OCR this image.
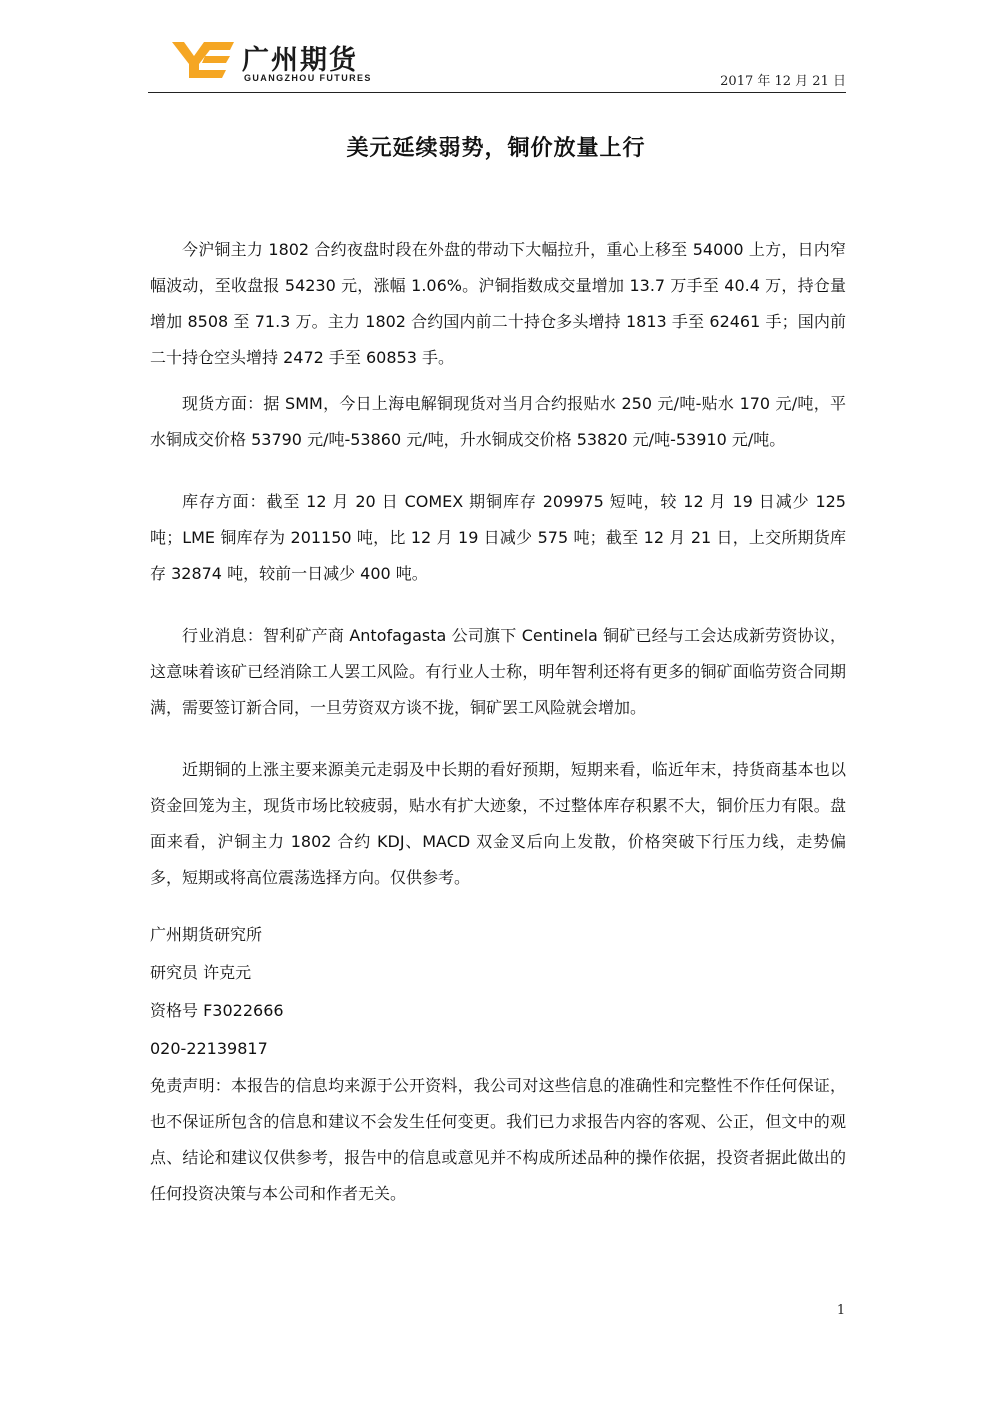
广州期货
GUANGZHOU FUTURES	2017 年 12 月 21 日
美元延续弱势，铜价放量上行

今沪铜主力 1802 合约夜盘时段在外盘的带动下大幅拉升，重心上移至 54000 上方，日内窄幅波动，至收盘报 54230 元，涨幅 1.06%。沪铜指数成交量增加 13.7 万手至 40.4 万，持仓量增加 8508 至 71.3 万。主力 1802 合约国内前二十持仓多头增持 1813 手至 62461 手；国内前二十持仓空头增持 2472 手至 60853 手。

现货方面：据 SMM，今日上海电解铜现货对当月合约报贴水 250 元/吨-贴水 170 元/吨，平水铜成交价格 53790 元/吨-53860 元/吨，升水铜成交价格 53820 元/吨-53910 元/吨。

库存方面：截至 12 月 20 日 COMEX 期铜库存 209975 短吨，较 12 月 19 日减少 125 吨；LME 铜库存为 201150 吨，比 12 月 19 日减少 575 吨；截至 12 月 21 日，上交所期货库存 32874 吨，较前一日减少 400 吨。

行业消息：智利矿产商 Antofagasta 公司旗下 Centinela 铜矿已经与工会达成新劳资协议，这意味着该矿已经消除工人罢工风险。有行业人士称，明年智利还将有更多的铜矿面临劳资合同期满，需要签订新合同，一旦劳资双方谈不拢，铜矿罢工风险就会增加。

近期铜的上涨主要来源美元走弱及中长期的看好预期，短期来看，临近年末，持货商基本也以资金回笼为主，现货市场比较疲弱，贴水有扩大迹象，不过整体库存积累不大，铜价压力有限。盘面来看，沪铜主力 1802 合约 KDJ、MACD 双金叉后向上发散，价格突破下行压力线，走势偏多，短期或将高位震荡选择方向。仅供参考。

广州期货研究所

研究员 许克元

资格号 F3022666

020-22139817

免责声明：本报告的信息均来源于公开资料，我公司对这些信息的准确性和完整性不作任何保证，也不保证所包含的信息和建议不会发生任何变更。我们已力求报告内容的客观、公正，但文中的观点、结论和建议仅供参考，报告中的信息或意见并不构成所述品种的操作依据，投资者据此做出的任何投资决策与本公司和作者无关。

1
